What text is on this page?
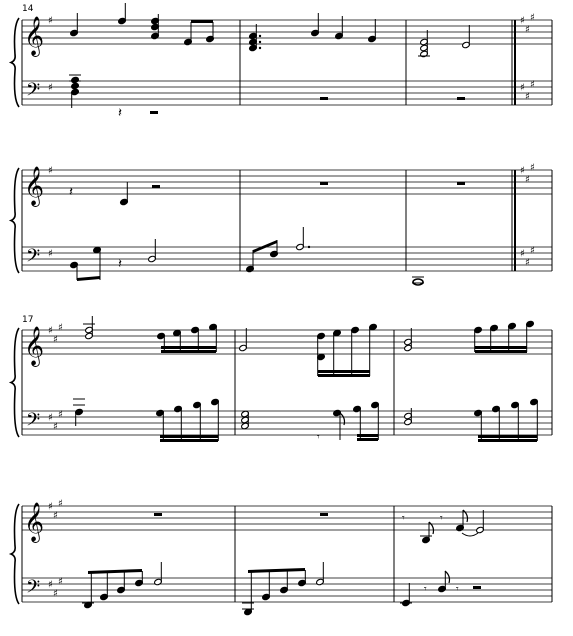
14
17
𝄞
𝄢
𝄞
𝄢
♯
♯
♯
♯
♯
♯
♯
♯
♯
♯
♯
♯
♯
♯
♯
♯
𝄽
𝄽
𝄽
𝄞
𝄢
𝄞
𝄢
♯
♯
♯
♯
♯
♯
♯
♯
♯
♯
♯
♯
𝄾
𝄾	𝄾
𝄾	𝄾
